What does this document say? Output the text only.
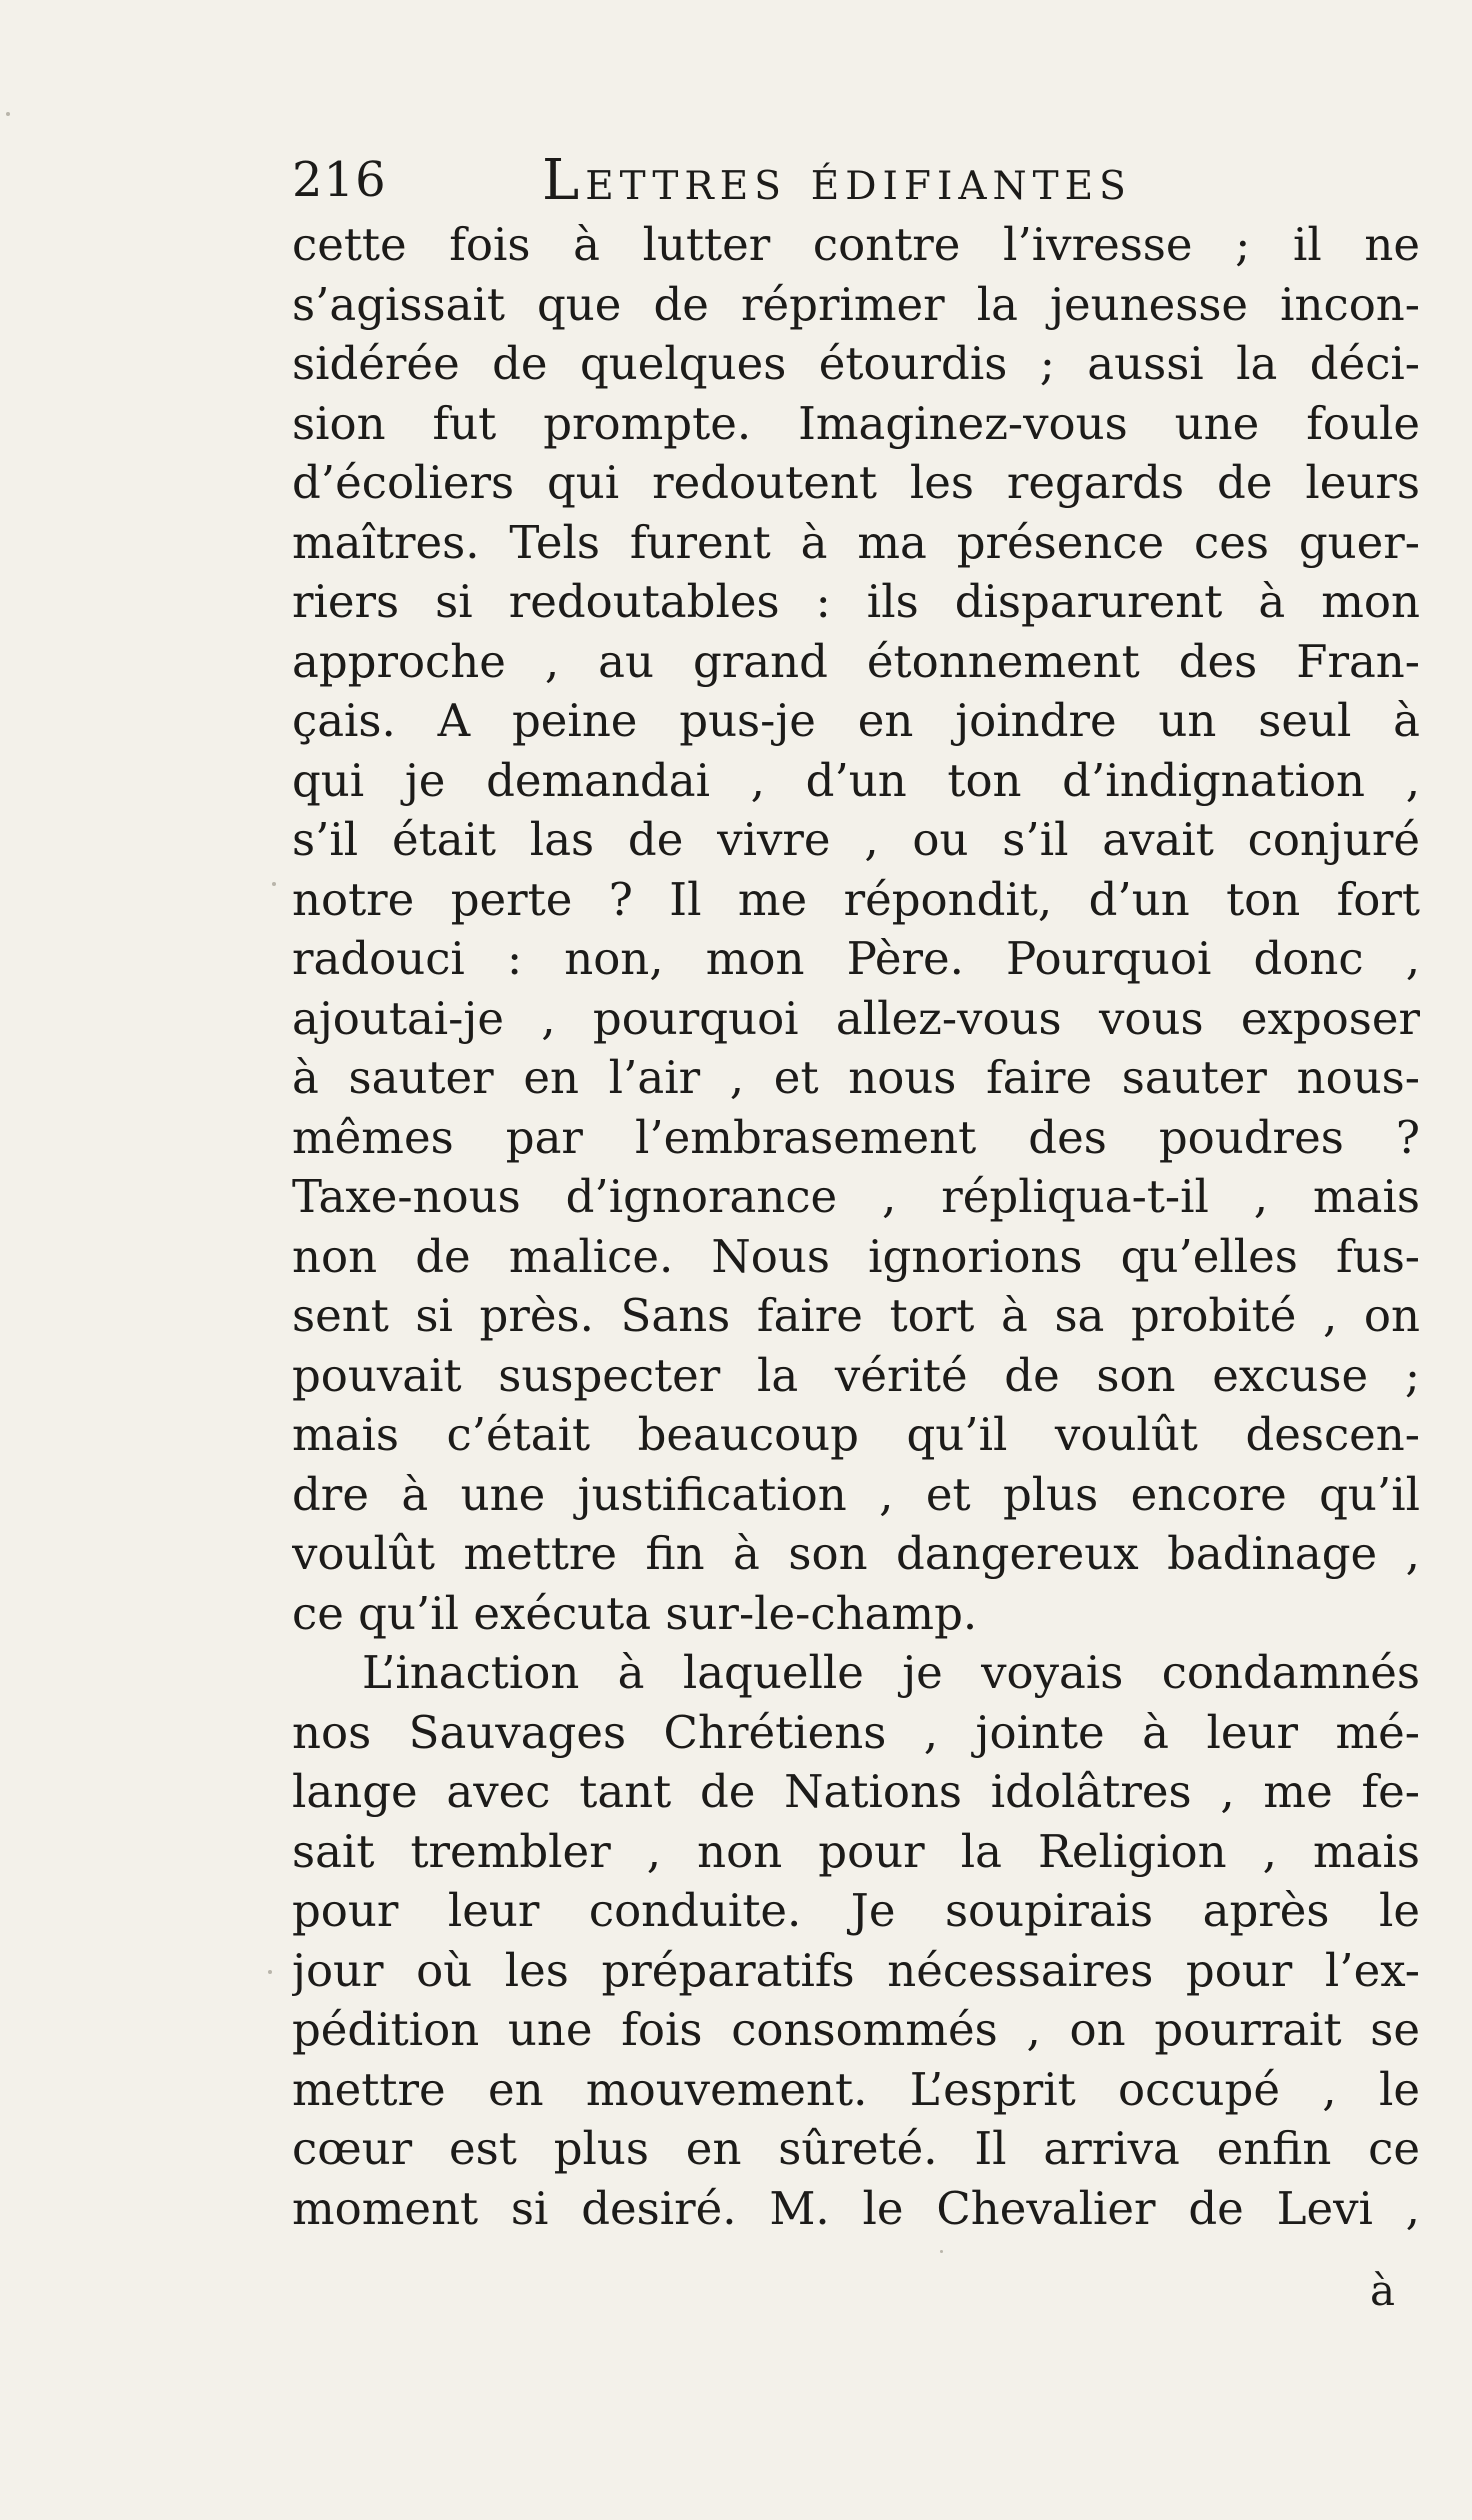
216	Lettres édifiantes
cette fois à lutter contre l’ivresse ; il ne
s’agissait que de réprimer la jeunesse incon-
sidérée de quelques étourdis ; aussi la déci-
sion fut prompte. Imaginez-vous une foule
d’écoliers qui redoutent les regards de leurs
maîtres. Tels furent à ma présence ces guer-
riers si redoutables : ils disparurent à mon
approche , au grand étonnement des Fran-
çais. A peine pus-je en joindre un seul à
qui je demandai , d’un ton d’indignation ,
s’il était las de vivre , ou s’il avait conjuré
notre perte ? Il me répondit, d’un ton fort
radouci : non, mon Père. Pourquoi donc ,
ajoutai-je , pourquoi allez-vous vous exposer
à sauter en l’air , et nous faire sauter nous-
mêmes par l’embrasement des poudres ?
Taxe-nous d’ignorance , répliqua-t-il , mais
non de malice. Nous ignorions qu’elles fus-
sent si près. Sans faire tort à sa probité , on
pouvait suspecter la vérité de son excuse ;
mais c’était beaucoup qu’il voulût descen-
dre à une justification , et plus encore qu’il
voulût mettre fin à son dangereux badinage ,
ce qu’il exécuta sur-le-champ.
L’inaction à laquelle je voyais condamnés
nos Sauvages Chrétiens , jointe à leur mé-
lange avec tant de Nations idolâtres , me fe-
sait trembler , non pour la Religion , mais
pour leur conduite. Je soupirais après le
jour où les préparatifs nécessaires pour l’ex-
pédition une fois consommés , on pourrait se
mettre en mouvement. L’esprit occupé , le
cœur est plus en sûreté. Il arriva enfin ce
moment si desiré. M. le Chevalier de Levi ,
à
